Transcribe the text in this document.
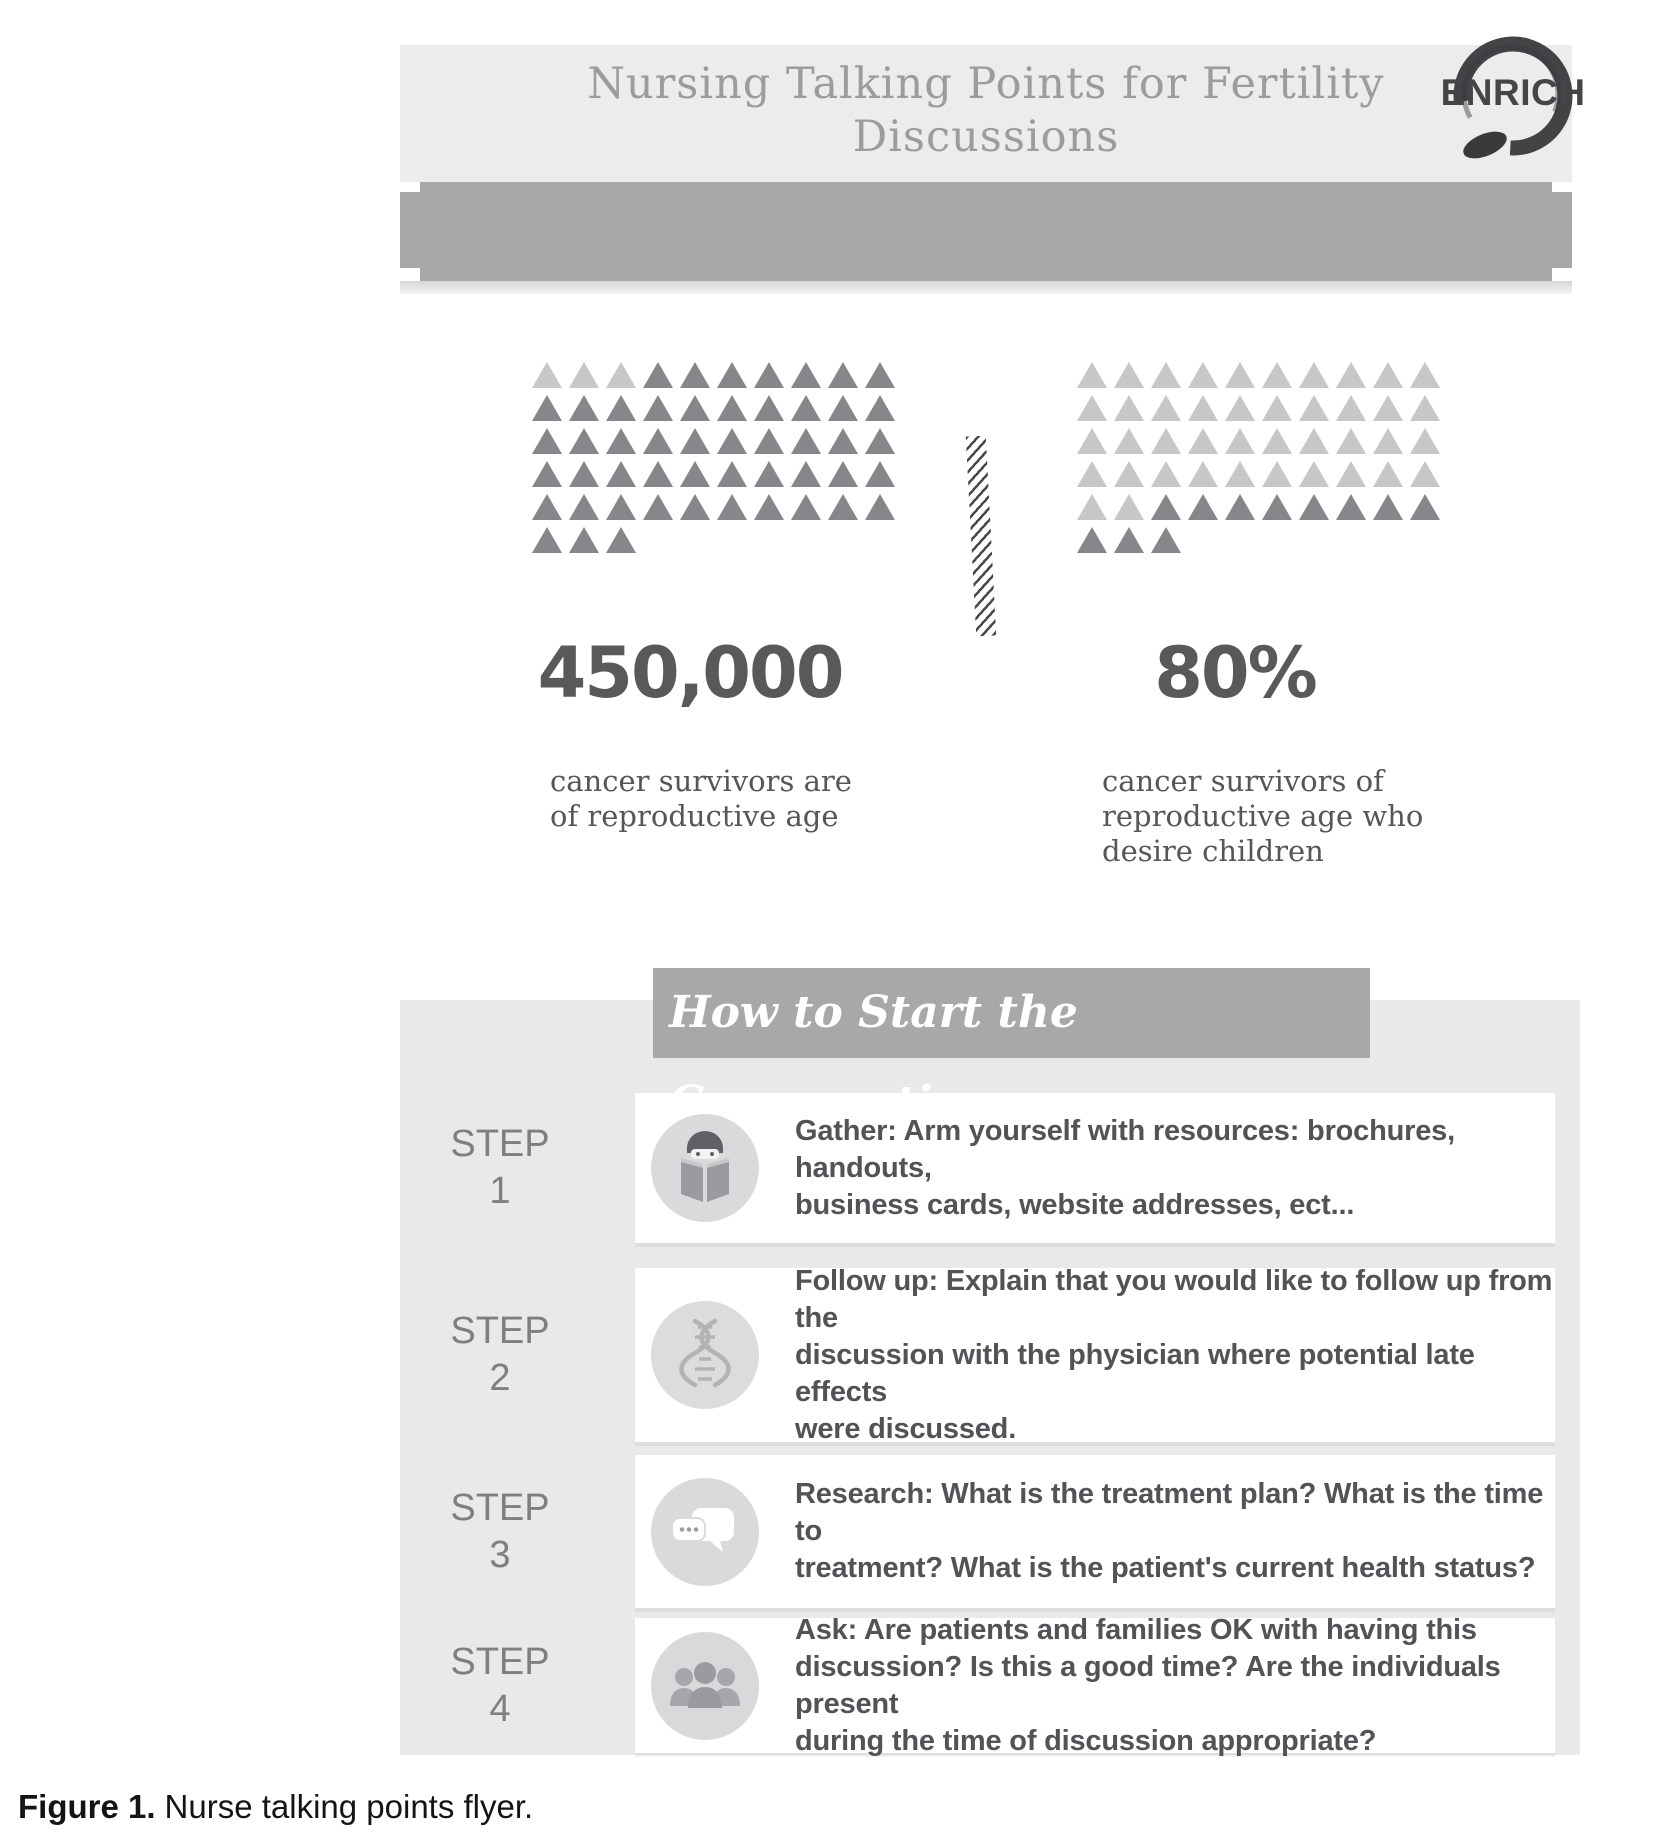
Nursing Talking Points for Fertility
Discussions
ENRICH
450,000
cancer survivors are
of reproductive age
80%
cancer survivors of
reproductive age who
desire children
How to Start the
STEP
1
Gather: Arm yourself with resources: brochures, handouts,
business cards, website addresses, ect...
STEP
2
Follow up: Explain that you would like to follow up from the
discussion with the physician where potential late effects
were discussed.
STEP
3
Research: What is the treatment plan? What is the time to
treatment? What is the patient's current health status?
STEP
4
Ask: Are patients and families OK with having this
discussion? Is this a good time? Are the individuals present
during the time of discussion appropriate?
Figure 1. Nurse talking points flyer.
